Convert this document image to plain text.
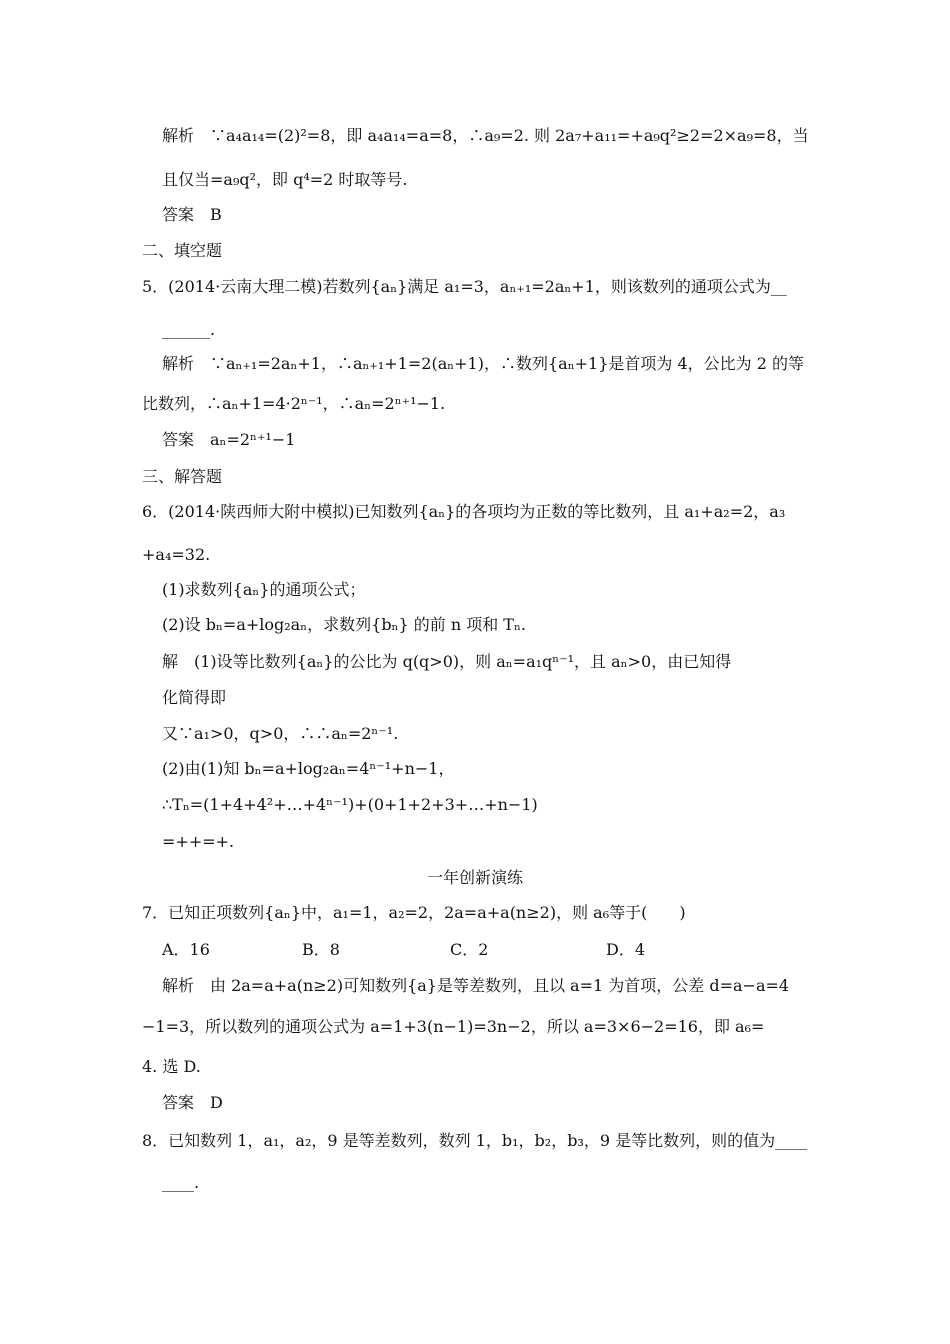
解析　∵a₄a₁₄=(2)²=8，即 a₄a₁₄=a=8，∴a₉=2. 则 2a₇+a₁₁=+a₉q²≥2=2×a₉=8，当
且仅当=a₉q²，即 q⁴=2 时取等号.
答案　B
二、填空题
5．(2014·云南大理二模)若数列{aₙ}满足 a₁=3，aₙ₊₁=2aₙ+1，则该数列的通项公式为__
______.
解析　∵aₙ₊₁=2aₙ+1，∴aₙ₊₁+1=2(aₙ+1)，∴数列{aₙ+1}是首项为 4，公比为 2 的等
比数列，∴aₙ+1=4·2ⁿ⁻¹，∴aₙ=2ⁿ⁺¹−1.
答案　aₙ=2ⁿ⁺¹−1
三、解答题
6．(2014·陕西师大附中模拟)已知数列{aₙ}的各项均为正数的等比数列，且 a₁+a₂=2，a₃
+a₄=32.
(1)求数列{aₙ}的通项公式；
(2)设 bₙ=a+log₂aₙ，求数列{bₙ} 的前 n 项和 Tₙ.
解　(1)设等比数列{aₙ}的公比为 q(q>0)，则 aₙ=a₁qⁿ⁻¹，且 aₙ>0，由已知得
化简得即
又∵a₁>0，q>0，∴∴aₙ=2ⁿ⁻¹.
(2)由(1)知 bₙ=a+log₂aₙ=4ⁿ⁻¹+n−1，
∴Tₙ=(1+4+4²+…+4ⁿ⁻¹)+(0+1+2+3+…+n−1)
=++=+.
一年创新演练
7．已知正项数列{aₙ}中，a₁=1，a₂=2，2a=a+a(n≥2)，则 a₆等于(　　)
A．16	B．8	C．2	D．4
解析　由 2a=a+a(n≥2)可知数列{a}是等差数列，且以 a=1 为首项，公差 d=a−a=4
−1=3，所以数列的通项公式为 a=1+3(n−1)=3n−2，所以 a=3×6−2=16，即 a₆=
4. 选 D.
答案　D
8．已知数列 1，a₁，a₂，9 是等差数列，数列 1，b₁，b₂，b₃，9 是等比数列，则的值为____
____.
